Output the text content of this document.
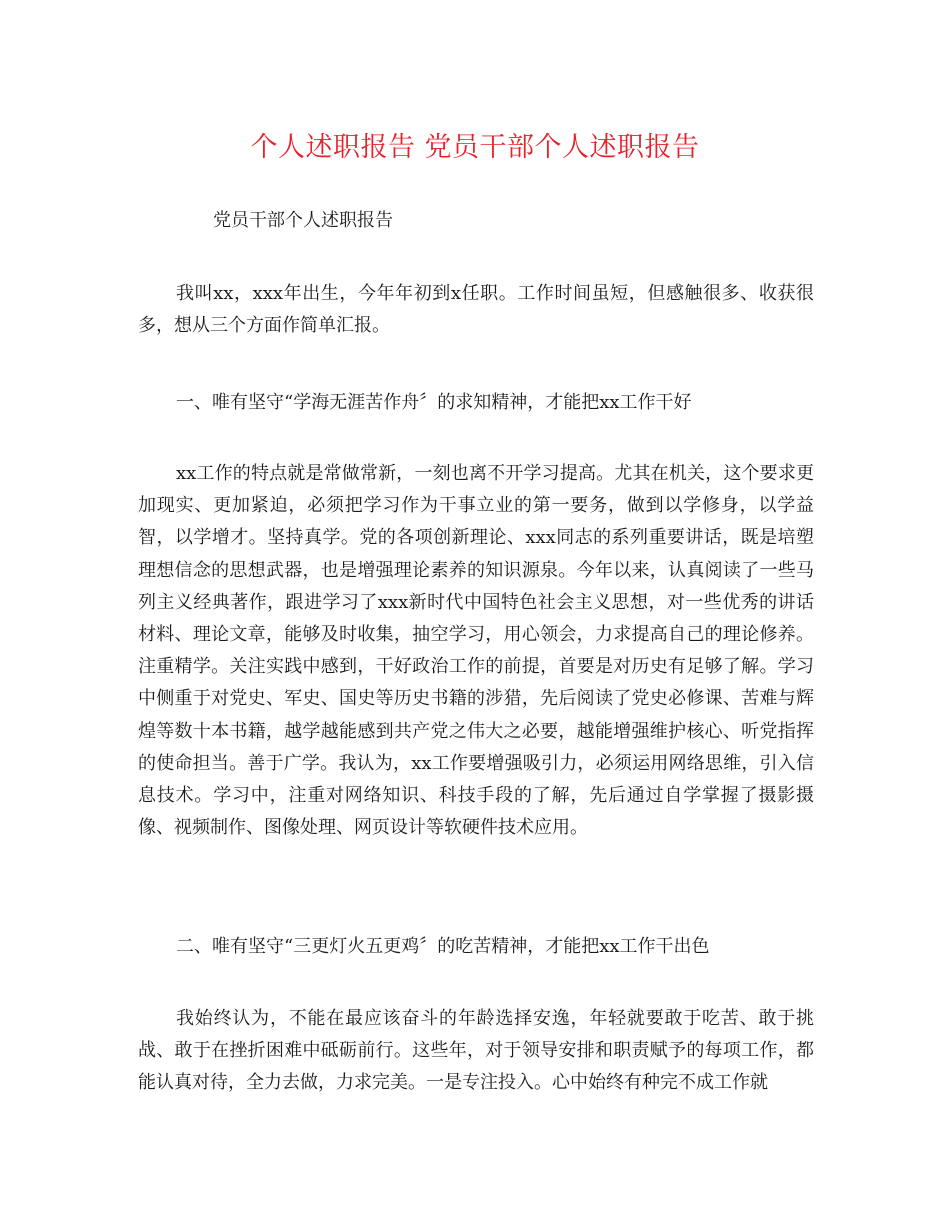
个人述职报告 党员干部个人述职报告
党员干部个人述职报告

我叫xx，xxx年出生，今年年初到x任职。工作时间虽短，但感触很多、收获很多，想从三个方面作简单汇报。

一、唯有坚守“学海无涯苦作舟〞的求知精神，才能把xx工作干好

xx工作的特点就是常做常新，一刻也离不开学习提高。尤其在机关，这个要求更加现实、更加紧迫，必须把学习作为干事立业的第一要务，做到以学修身，以学益智，以学增才。坚持真学。党的各项创新理论、xxx同志的系列重要讲话，既是培塑理想信念的思想武器，也是增强理论素养的知识源泉。今年以来，认真阅读了一些马列主义经典著作，跟进学习了xxx新时代中国特色社会主义思想，对一些优秀的讲话材料、理论文章，能够及时收集，抽空学习，用心领会，力求提高自己的理论修养。注重精学。关注实践中感到，干好政治工作的前提，首要是对历史有足够了解。学习中侧重于对党史、军史、国史等历史书籍的涉猎，先后阅读了党史必修课、苦难与辉煌等数十本书籍，越学越能感到共产党之伟大之必要，越能增强维护核心、听党指挥的使命担当。善于广学。我认为，xx工作要增强吸引力，必须运用网络思维，引入信息技术。学习中，注重对网络知识、科技手段的了解，先后通过自学掌握了摄影摄像、视频制作、图像处理、网页设计等软硬件技术应用。

二、唯有坚守“三更灯火五更鸡〞的吃苦精神，才能把xx工作干出色

我始终认为，不能在最应该奋斗的年龄选择安逸，年轻就要敢于吃苦、敢于挑战、敢于在挫折困难中砥砺前行。这些年，对于领导安排和职责赋予的每项工作，都能认真对待，全力去做，力求完美。一是专注投入。心中始终有种完不成工作就
